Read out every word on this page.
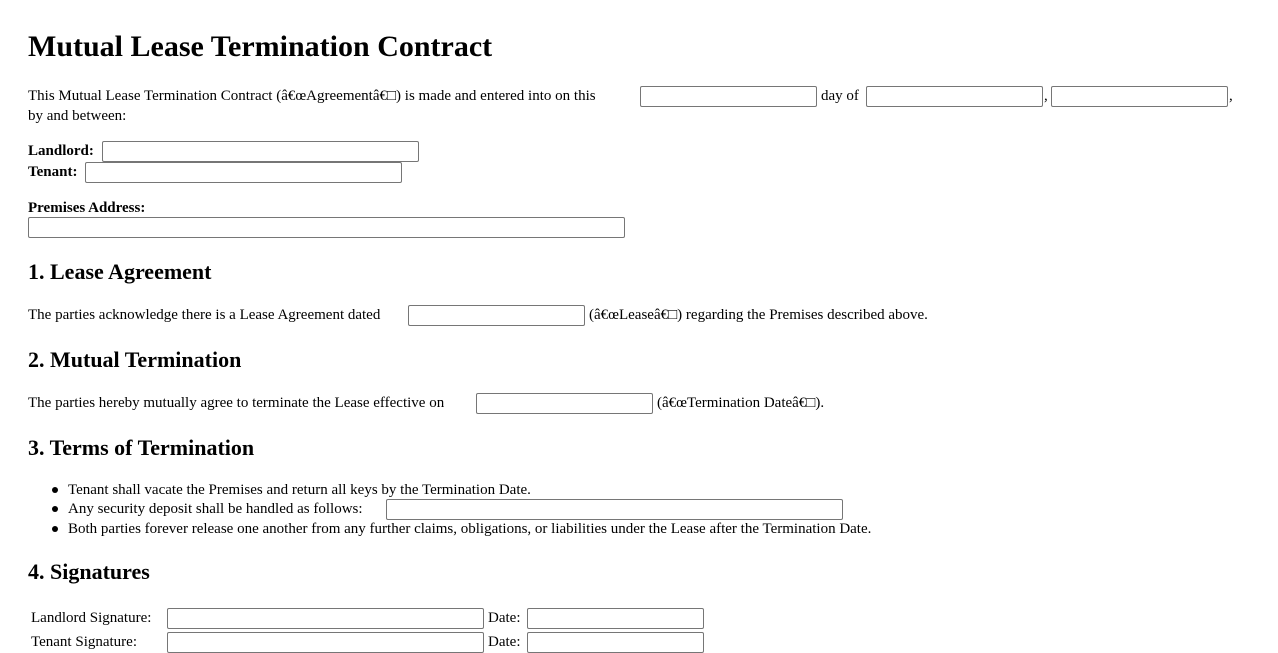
Mutual Lease Termination Contract
This Mutual Lease Termination Contract (â€œAgreementâ€□) is made and entered into on this	day of	,	,
by and between:
Landlord:
Tenant:
Premises Address:
1. Lease Agreement
The parties acknowledge there is a Lease Agreement dated	(â€œLeaseâ€□) regarding the Premises described above.
2. Mutual Termination
The parties hereby mutually agree to terminate the Lease effective on	(â€œTermination Dateâ€□).
3. Terms of Termination
Tenant shall vacate the Premises and return all keys by the Termination Date.
Any security deposit shall be handled as follows:
Both parties forever release one another from any further claims, obligations, or liabilities under the Lease after the Termination Date.
4. Signatures
Landlord Signature:	Date:
Tenant Signature:	Date:
